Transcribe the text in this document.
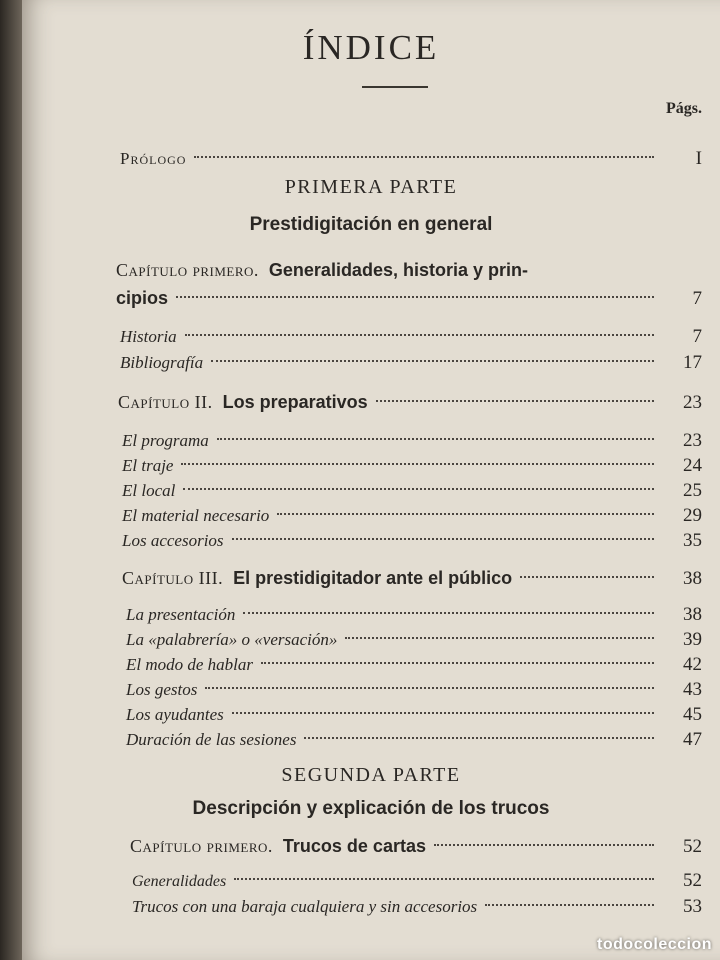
ÍNDICE
Págs.
Prólogo	I
PRIMERA PARTE
Prestidigitación en general
Capítulo primero. Generalidades, historia y prin-
cipios	7
Historia	7
Bibliografía	17
Capítulo II. Los preparativos	23
El programa	23
El traje	24
El local	25
El material necesario	29
Los accesorios	35
Capítulo III. El prestidigitador ante el público	38
La presentación	38
La «palabrería» o «versación»	39
El modo de hablar	42
Los gestos	43
Los ayudantes	45
Duración de las sesiones	47
SEGUNDA PARTE
Descripción y explicación de los trucos
Capítulo primero. Trucos de cartas	52
Generalidades	52
Trucos con una baraja cualquiera y sin accesorios	53
todocoleccion
